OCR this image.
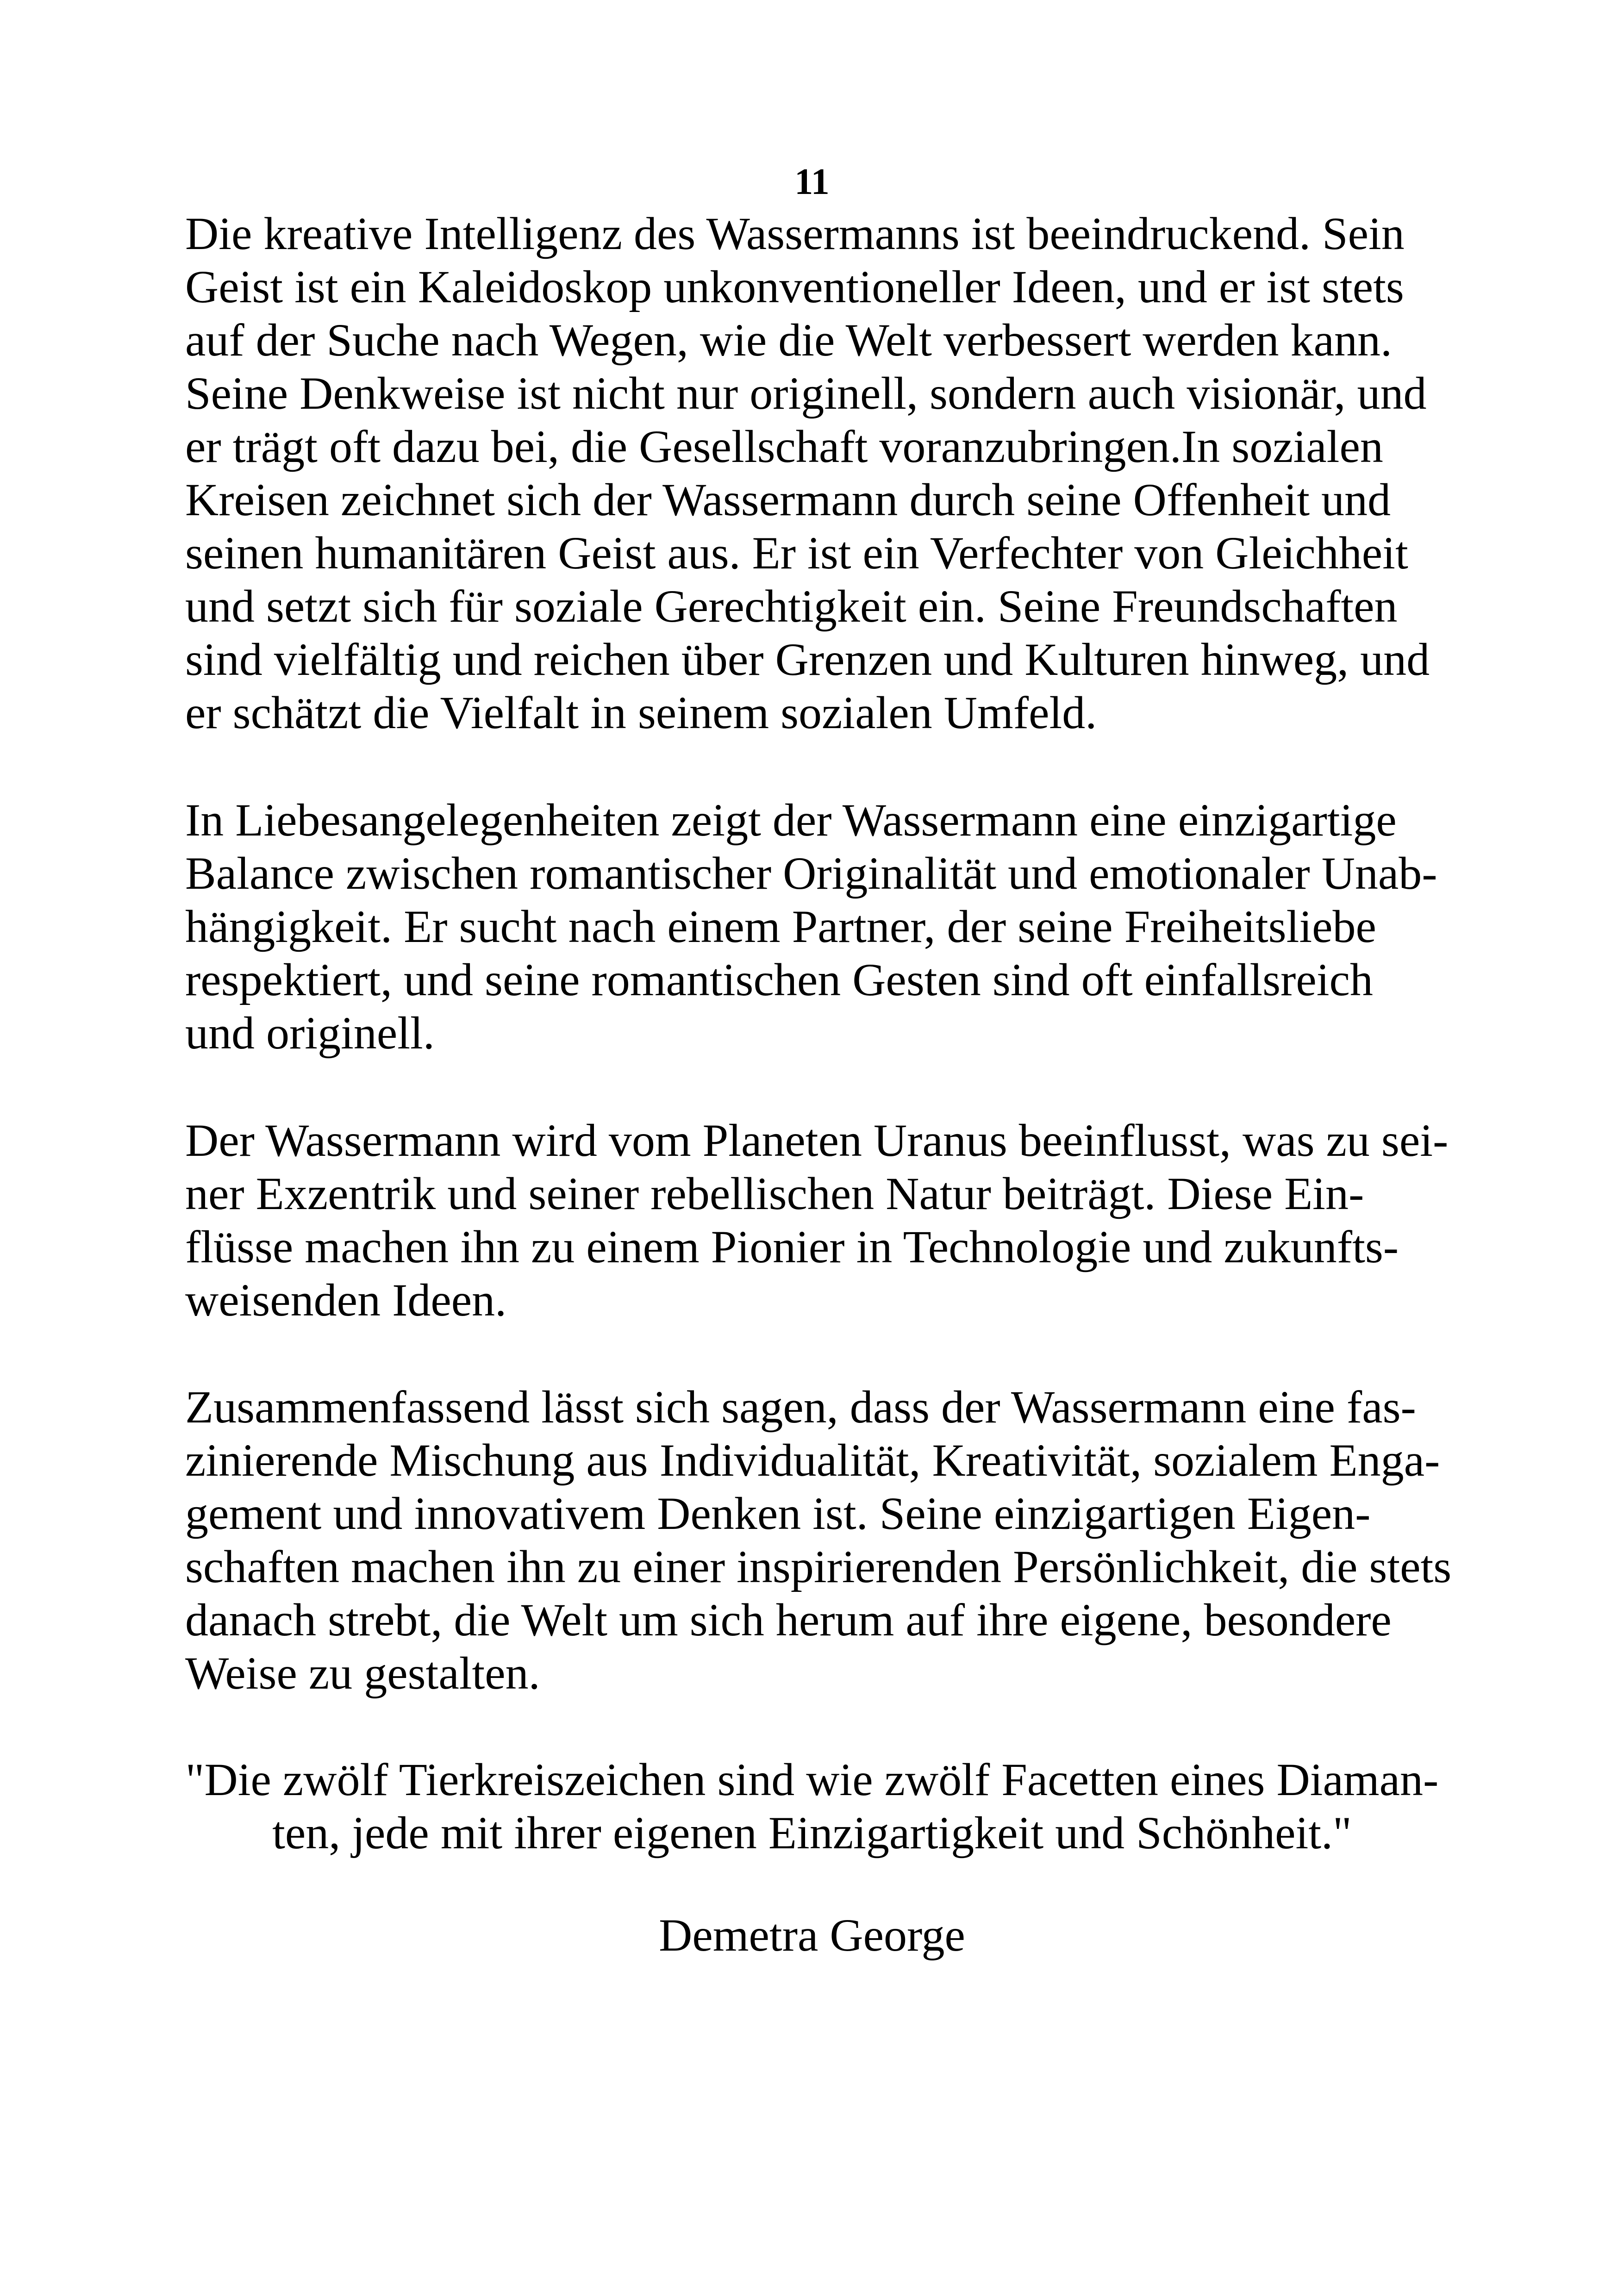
11
Die kreative Intelligenz des Wassermanns ist beeindruckend. Sein
Geist ist ein Kaleidoskop unkonventioneller Ideen, und er ist stets
auf der Suche nach Wegen, wie die Welt verbessert werden kann.
Seine Denkweise ist nicht nur originell, sondern auch visionär, und
er trägt oft dazu bei, die Gesellschaft voranzubringen.In sozialen
Kreisen zeichnet sich der Wassermann durch seine Offenheit und
seinen humanitären Geist aus. Er ist ein Verfechter von Gleichheit
und setzt sich für soziale Gerechtigkeit ein. Seine Freundschaften
sind vielfältig und reichen über Grenzen und Kulturen hinweg, und
er schätzt die Vielfalt in seinem sozialen Umfeld.
In Liebesangelegenheiten zeigt der Wassermann eine einzigartige
Balance zwischen romantischer Originalität und emotionaler Unab-
hängigkeit. Er sucht nach einem Partner, der seine Freiheitsliebe
respektiert, und seine romantischen Gesten sind oft einfallsreich
und originell.
Der Wassermann wird vom Planeten Uranus beeinflusst, was zu sei-
ner Exzentrik und seiner rebellischen Natur beiträgt. Diese Ein-
flüsse machen ihn zu einem Pionier in Technologie und zukunfts-
weisenden Ideen.
Zusammenfassend lässt sich sagen, dass der Wassermann eine fas-
zinierende Mischung aus Individualität, Kreativität, sozialem Enga-
gement und innovativem Denken ist. Seine einzigartigen Eigen-
schaften machen ihn zu einer inspirierenden Persönlichkeit, die stets
danach strebt, die Welt um sich herum auf ihre eigene, besondere
Weise zu gestalten.
"Die zwölf Tierkreiszeichen sind wie zwölf Facetten eines Diaman-
ten, jede mit ihrer eigenen Einzigartigkeit und Schönheit."
Demetra George
